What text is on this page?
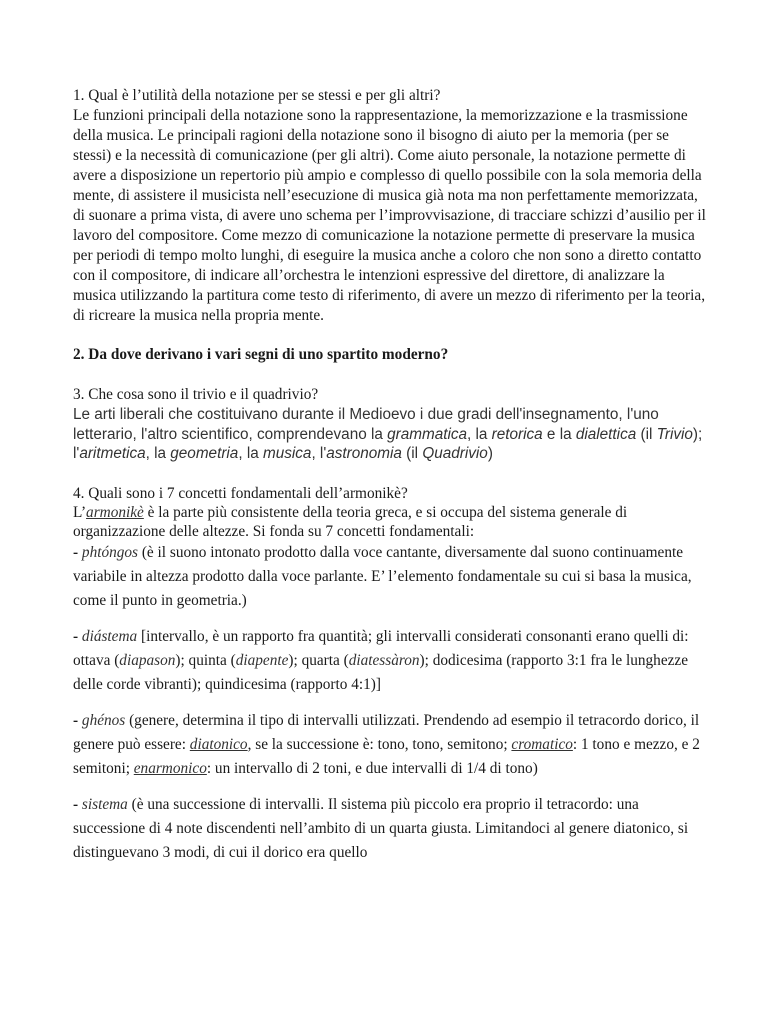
1. Qual è l’utilità della notazione per se stessi e per gli altri?
Le funzioni principali della notazione sono la rappresentazione, la memorizzazione e la trasmissione della musica. Le principali ragioni della notazione sono il bisogno di aiuto per la memoria (per se stessi) e la necessità di comunicazione (per gli altri). Come aiuto personale, la notazione permette di avere a disposizione un repertorio più ampio e complesso di quello possibile con la sola memoria della mente, di assistere il musicista nell’esecuzione di musica già nota ma non perfettamente memorizzata, di suonare a prima vista, di avere uno schema per l’improvvisazione, di tracciare schizzi d’ausilio per il lavoro del compositore. Come mezzo di comunicazione la notazione permette di preservare la musica per periodi di tempo molto lunghi, di eseguire la musica anche a coloro che non sono a diretto contatto con il compositore, di indicare all’orchestra le intenzioni espressive del direttore, di analizzare la musica utilizzando la partitura come testo di riferimento, di avere un mezzo di riferimento per la teoria, di ricreare la musica nella propria mente.

2. Da dove derivano i vari segni di uno spartito moderno?

3. Che cosa sono il trivio e il quadrivio?

Le arti liberali che costituivano durante il Medioevo i due gradi dell'insegnamento, l'uno letterario, l'altro scientifico, comprendevano la grammatica, la retorica e la dialettica (il Trivio); l'aritmetica, la geometria, la musica, l'astronomia (il Quadrivio)

4. Quali sono i 7 concetti fondamentali dell’armonikè?

L’armonikè è la parte più consistente della teoria greca, e si occupa del sistema generale di organizzazione delle altezze. Si fonda su 7 concetti fondamentali:

- phtóngos (è il suono intonato prodotto dalla voce cantante, diversamente dal suono continuamente variabile in altezza prodotto dalla voce parlante. E’ l’elemento fondamentale su cui si basa la musica, come il punto in geometria.)

- diástema [intervallo, è un rapporto fra quantità; gli intervalli considerati consonanti erano quelli di: ottava (diapason); quinta (diapente); quarta (diatessàron); dodicesima (rapporto 3:1 fra le lunghezze delle corde vibranti); quindicesima (rapporto 4:1)]

- ghénos (genere, determina il tipo di intervalli utilizzati. Prendendo ad esempio il tetracordo dorico, il genere può essere: diatonico, se la successione è: tono, tono, semitono; cromatico: 1 tono e mezzo, e 2 semitoni; enarmonico: un intervallo di 2 toni, e due intervalli di 1/4 di tono)

- sistema (è una successione di intervalli. Il sistema più piccolo era proprio il tetracordo: una successione di 4 note discendenti nell’ambito di un quarta giusta. Limitandoci al genere diatonico, si distinguevano 3 modi, di cui il dorico era quello
